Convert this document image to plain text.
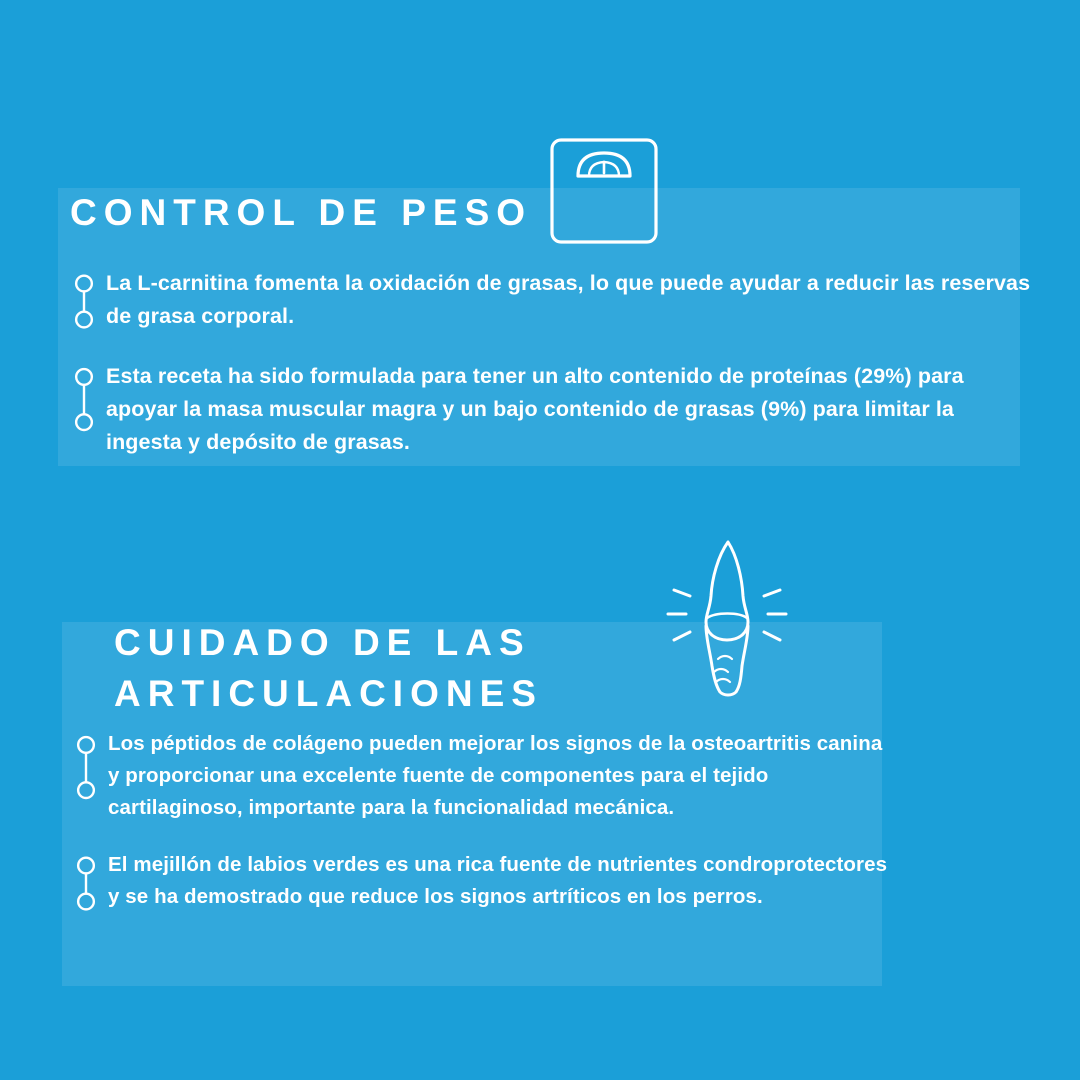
CONTROL DE PESO
La L-carnitina fomenta la oxidación de grasas, lo que puede ayudar a reducir las reservas de grasa corporal.
Esta receta ha sido formulada para tener un alto contenido de proteínas (29%) para apoyar la masa muscular magra y un bajo contenido de grasas (9%) para limitar la ingesta y depósito de grasas.
CUIDADO DE LAS
ARTICULACIONES
Los péptidos de colágeno pueden mejorar los signos de la osteoartritis canina y proporcionar una excelente fuente de componentes para el tejido cartilaginoso, importante para la funcionalidad mecánica.
El mejillón de labios verdes es una rica fuente de nutrientes condroprotectores y se ha demostrado que reduce los signos artríticos en los perros.
